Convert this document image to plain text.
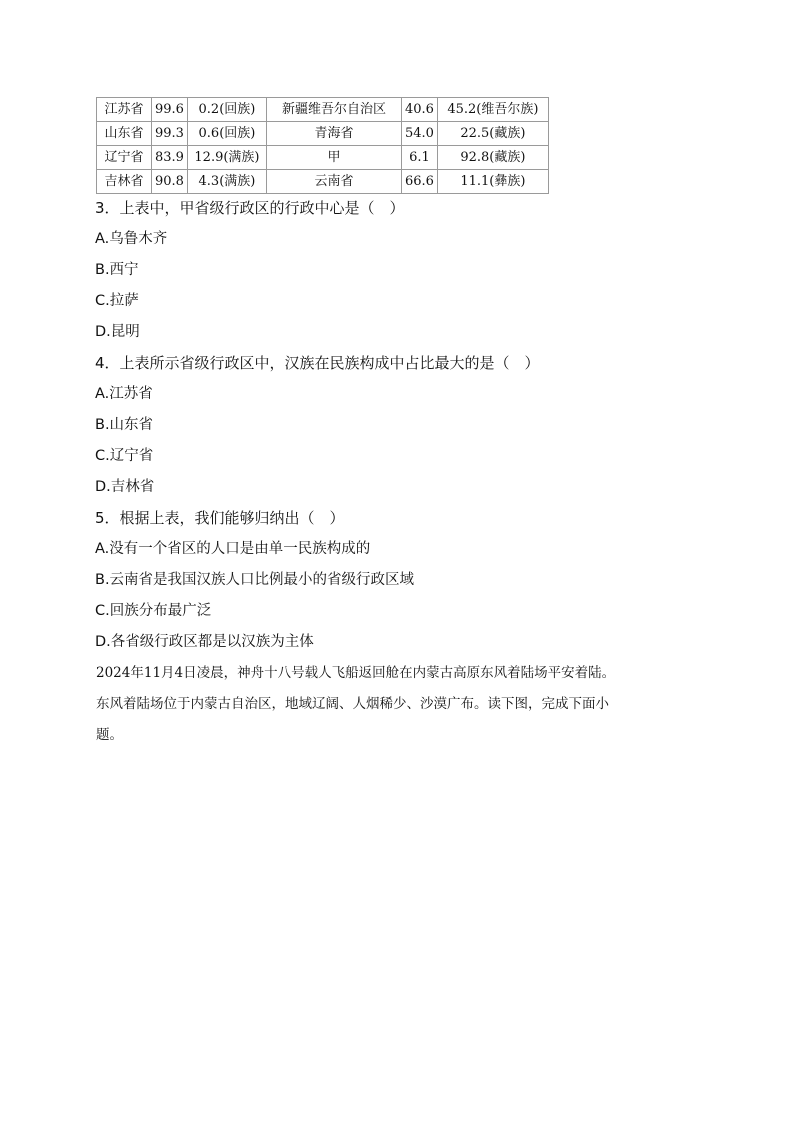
江苏省	99.6	0.2(回族)	新疆维吾尔自治区	40.6	45.2(维吾尔族)
山东省	99.3	0.6(回族)	青海省	54.0	22.5(藏族)
辽宁省	83.9	12.9(满族)	甲	6.1	92.8(藏族)
吉林省	90.8	4.3(满族)	云南省	66.6	11.1(彝族)
3．上表中，甲省级行政区的行政中心是（　）
A.乌鲁木齐
B.西宁
C.拉萨
D.昆明
4．上表所示省级行政区中，汉族在民族构成中占比最大的是（　）
A.江苏省
B.山东省
C.辽宁省
D.吉林省
5．根据上表，我们能够归纳出（　）
A.没有一个省区的人口是由单一民族构成的
B.云南省是我国汉族人口比例最小的省级行政区域
C.回族分布最广泛
D.各省级行政区都是以汉族为主体
2024年11月4日凌晨，神舟十八号载人飞船返回舱在内蒙古高原东风着陆场平安着陆。
东风着陆场位于内蒙古自治区，地域辽阔、人烟稀少、沙漠广布。读下图，完成下面小
题。
